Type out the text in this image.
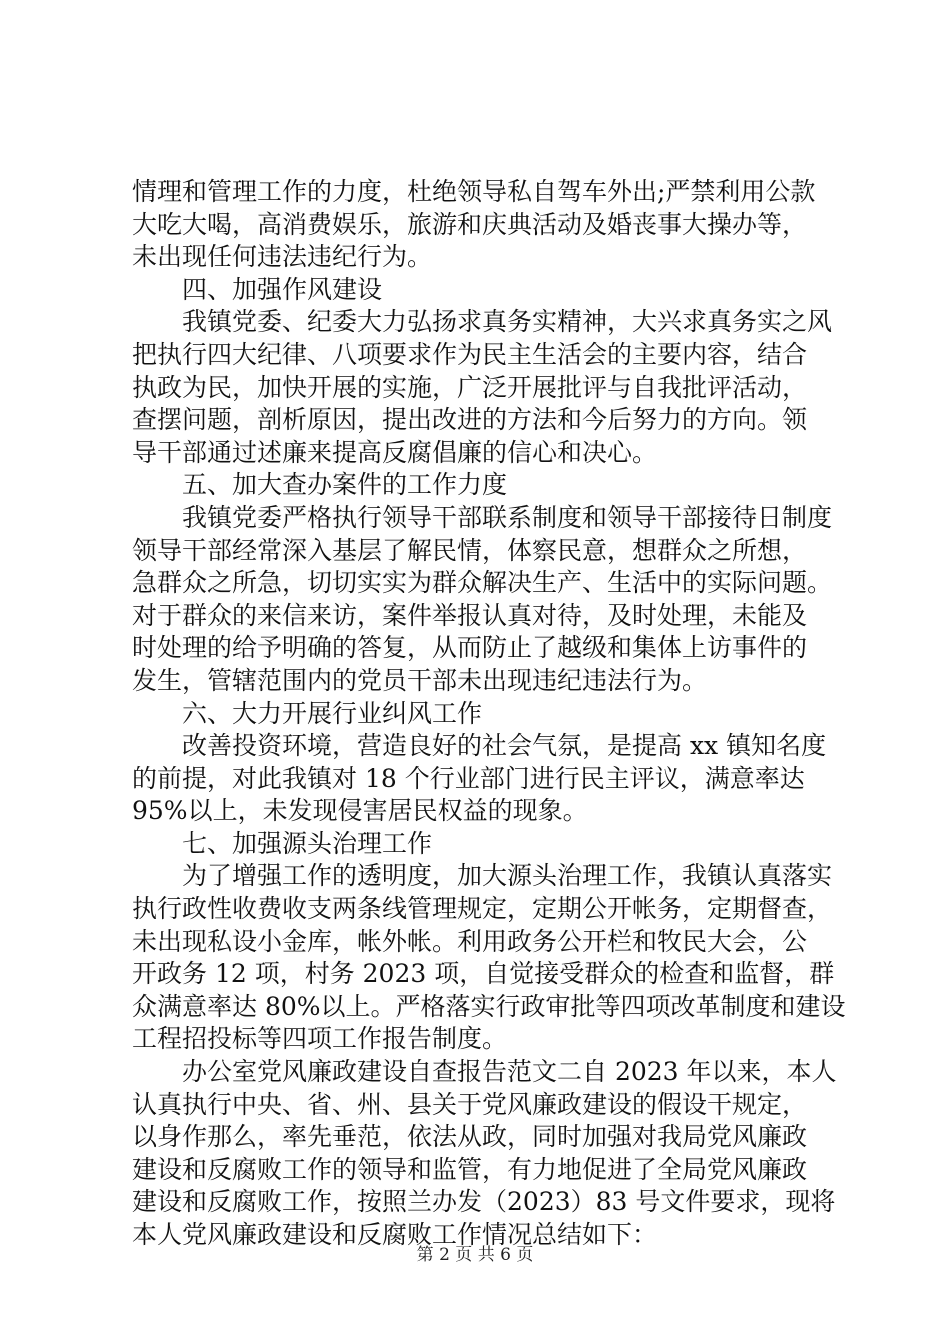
情理和管理工作的力度，杜绝领导私自驾车外出;严禁利用公款
大吃大喝，高消费娱乐，旅游和庆典活动及婚丧事大操办等，
未出现任何违法违纪行为。
四、加强作风建设
我镇党委、纪委大力弘扬求真务实精神，大兴求真务实之风
把执行四大纪律、八项要求作为民主生活会的主要内容，结合
执政为民，加快开展的实施，广泛开展批评与自我批评活动，
查摆问题，剖析原因，提出改进的方法和今后努力的方向。领
导干部通过述廉来提高反腐倡廉的信心和决心。
五、加大查办案件的工作力度
我镇党委严格执行领导干部联系制度和领导干部接待日制度
领导干部经常深入基层了解民情，体察民意，想群众之所想，
急群众之所急，切切实实为群众解决生产、生活中的实际问题。
对于群众的来信来访，案件举报认真对待，及时处理，未能及
时处理的给予明确的答复，从而防止了越级和集体上访事件的
发生，管辖范围内的党员干部未出现违纪违法行为。
六、大力开展行业纠风工作
改善投资环境，营造良好的社会气氛，是提高 xx 镇知名度
的前提，对此我镇对 18 个行业部门进行民主评议，满意率达
95%以上，未发现侵害居民权益的现象。
七、加强源头治理工作
为了增强工作的透明度，加大源头治理工作，我镇认真落实
执行政性收费收支两条线管理规定，定期公开帐务，定期督查，
未出现私设小金库，帐外帐。利用政务公开栏和牧民大会，公
开政务 12 项，村务 2023 项，自觉接受群众的检查和监督，群
众满意率达 80%以上。严格落实行政审批等四项改革制度和建设
工程招投标等四项工作报告制度。
办公室党风廉政建设自查报告范文二自 2023 年以来，本人
认真执行中央、省、州、县关于党风廉政建设的假设干规定，
以身作那么，率先垂范，依法从政，同时加强对我局党风廉政
建设和反腐败工作的领导和监管，有力地促进了全局党风廉政
建设和反腐败工作，按照兰办发（2023）83 号文件要求，现将
本人党风廉政建设和反腐败工作情况总结如下：
第 2 页 共 6 页
